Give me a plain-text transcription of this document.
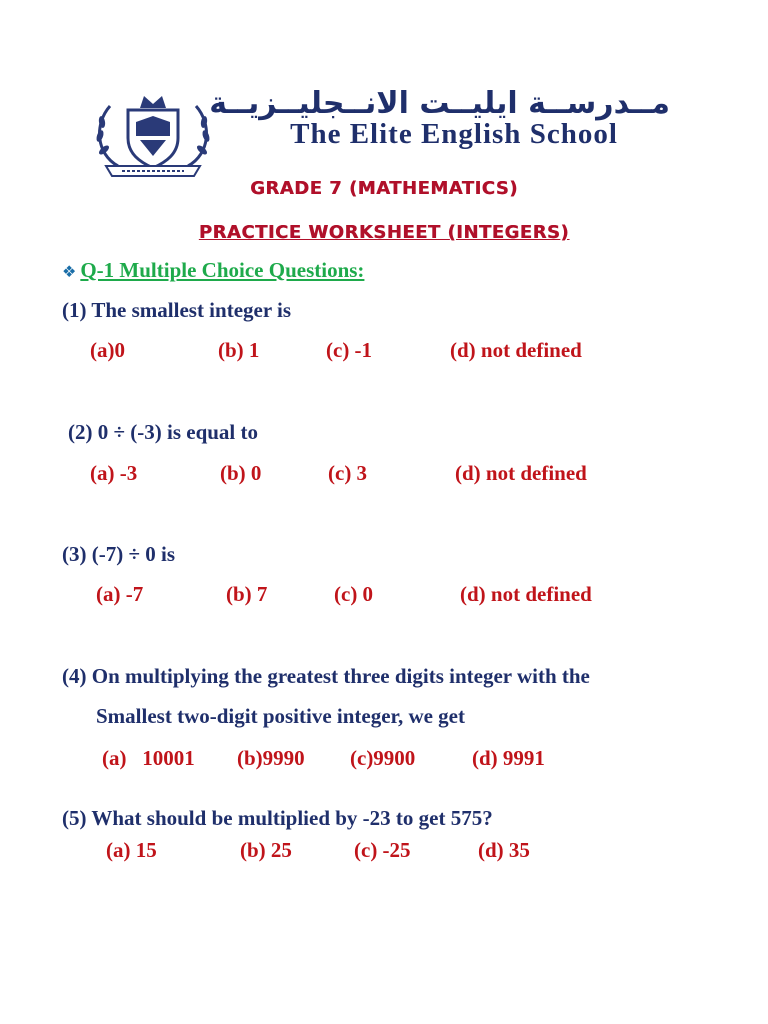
مــدرســة ايليــت الانــجليــزيــة
The Elite English School
GRADE 7 (MATHEMATICS)
PRACTICE WORKSHEET (INTEGERS)
❖ Q-1 Multiple Choice Questions:
(1) The smallest integer is
(a)0	(b) 1	(c) -1	(d) not defined
(2) 0 ÷ (-3) is equal to
(a) -3	(b) 0	(c) 3	(d) not defined
(3) (-7) ÷ 0 is
(a) -7	(b) 7	(c) 0	(d) not defined
(4) On multiplying the greatest three digits integer with the
Smallest two-digit positive integer, we get
(a)   10001 (b)9990 (c)9900	(d) 9991
(5) What should be multiplied by -23 to get 575?
(a) 15	(b) 25	(c) -25	(d) 35
